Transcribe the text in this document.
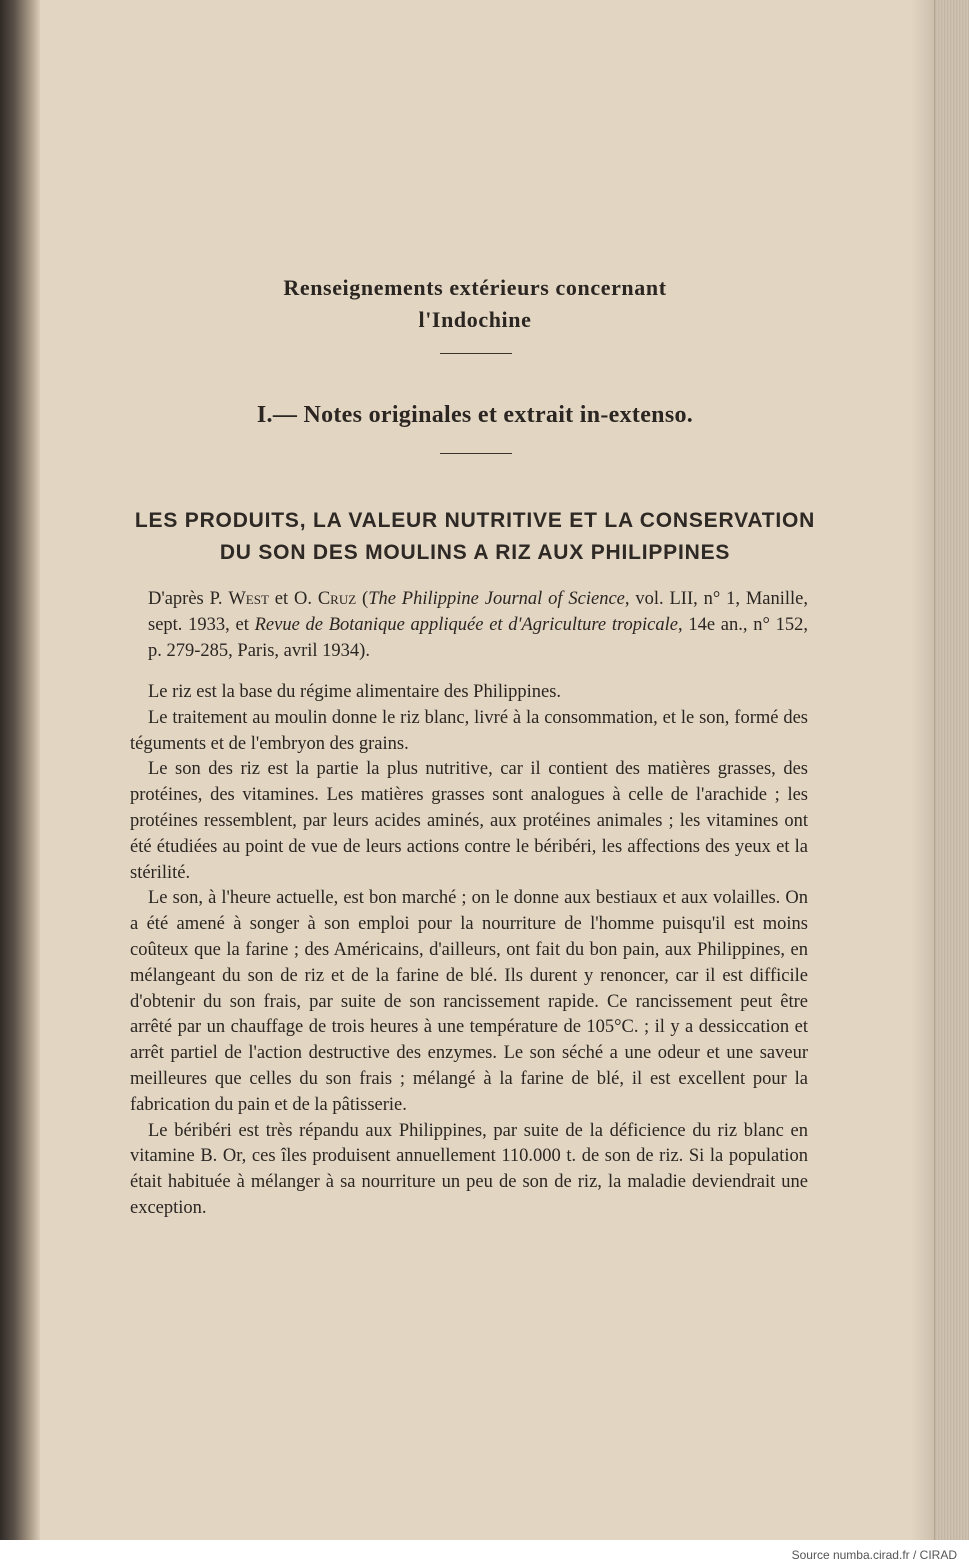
Renseignements extérieurs concernant
l'Indochine
I.— Notes originales et extrait in-extenso.
LES PRODUITS, LA VALEUR NUTRITIVE ET LA CONSERVATION
DU SON DES MOULINS A RIZ AUX PHILIPPINES
D'après P. West et O. Cruz (The Philippine Journal of Science, vol. LII, n° 1, Manille, sept. 1933, et Revue de Botanique appliquée et d'Agriculture tropicale, 14e an., n° 152, p. 279-285, Paris, avril 1934).

Le riz est la base du régime alimentaire des Philippines.

Le traitement au moulin donne le riz blanc, livré à la consommation, et le son, formé des téguments et de l'embryon des grains.

Le son des riz est la partie la plus nutritive, car il contient des matières grasses, des protéines, des vitamines. Les matières grasses sont analogues à celle de l'arachide ; les protéines ressemblent, par leurs acides aminés, aux protéines animales ; les vitamines ont été étudiées au point de vue de leurs actions contre le béribéri, les affections des yeux et la stérilité.

Le son, à l'heure actuelle, est bon marché ; on le donne aux bestiaux et aux volailles. On a été amené à songer à son emploi pour la nourriture de l'homme puisqu'il est moins coûteux que la farine ; des Américains, d'ailleurs, ont fait du bon pain, aux Philippines, en mélangeant du son de riz et de la farine de blé. Ils durent y renoncer, car il est difficile d'obtenir du son frais, par suite de son rancissement rapide. Ce rancissement peut être arrêté par un chauffage de trois heures à une température de 105°C. ; il y a dessiccation et arrêt partiel de l'action destructive des enzymes. Le son séché a une odeur et une saveur meilleures que celles du son frais ; mélangé à la farine de blé, il est excellent pour la fabrication du pain et de la pâtisserie.

Le béribéri est très répandu aux Philippines, par suite de la déficience du riz blanc en vitamine B. Or, ces îles produisent annuellement 110.000 t. de son de riz. Si la population était habituée à mélanger à sa nourriture un peu de son de riz, la maladie deviendrait une exception.

Source numba.cirad.fr / CIRAD
